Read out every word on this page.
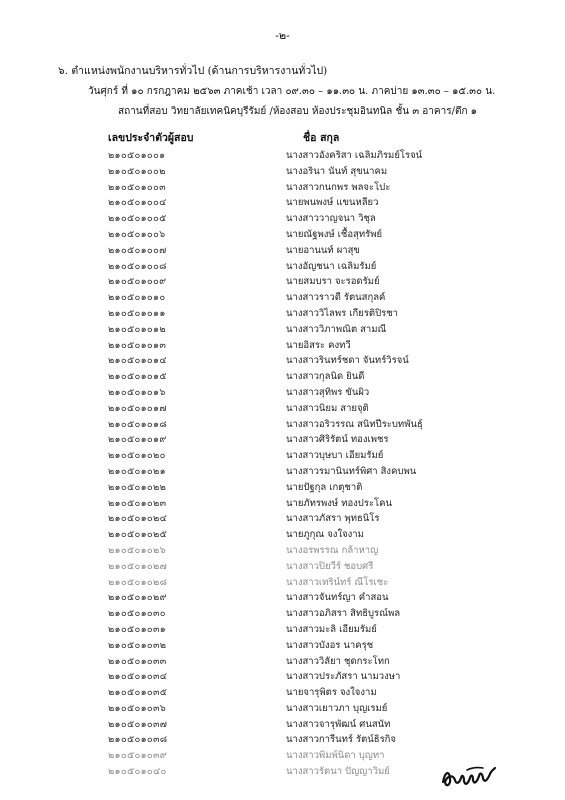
-๒-
๖. ตำแหน่งพนักงานบริหารทั่วไป (ด้านการบริหารงานทั่วไป)
วันศุกร์ ที่ ๑๐ กรกฎาคม ๒๕๖๓ ภาคเช้า เวลา ๐๙.๓๐ – ๑๑.๓๐ น. ภาคบ่าย ๑๓.๓๐ – ๑๕.๓๐ น.
สถานที่สอบ วิทยาลัยเทคนิคบุรีรัมย์ /ห้องสอบ ห้องประชุมอินทนิล ชั้น ๓ อาคาร/ตึก ๑
เลขประจำตัวผู้สอบ	ชื่อ สกุล
๒๑๐๕๐๑๐๐๑	นางสาวอังคริสา เฉลิมภิรมย์โรจน์
๒๑๐๕๐๑๐๐๒	นางอรินา นันท์ สุขนาคม
๒๑๐๕๐๑๐๐๓	นางสาวกนกพร พลจะโปะ
๒๑๐๕๐๑๐๐๔	นายพนพงษ์ แขนหลียว
๒๑๐๕๐๑๐๐๕	นางสาววาญจนา วิชุล
๒๑๐๕๐๑๐๐๖	นายณัฐพงษ์ เชื้อสุทรัพย์
๒๑๐๕๐๑๐๐๗	นายอานนท์ ผาสุข
๒๑๐๕๐๑๐๐๘	นางอัญชนา เฉลิมรัมย์
๒๑๐๕๐๑๐๐๙	นายสมบรา จะรอดรัมย์
๒๑๐๕๐๑๐๑๐	นางสาวราวดี รัตนสกุลค์
๒๑๐๕๐๑๐๑๑	นางสาววิไลพร เกียรติปิรชา
๒๑๐๕๐๑๐๑๒	นางสาววิภาพณิต สามณี
๒๑๐๕๐๑๐๑๓	นายอิสระ คงทวี
๒๑๐๕๐๑๐๑๔	นางสาวรินทร์ชดา จันทร์วิรจน์
๒๑๐๕๐๑๐๑๕	นางสาวกุลนิด ยินดี
๒๑๐๕๐๑๐๑๖	นางสาวสุทิพร ขันผิว
๒๑๐๕๐๑๐๑๗	นางสาวนิยม สายจุติ
๒๑๐๕๐๑๐๑๘	นางสาวอริวรรณ สนิทปีระบทพันธุ์
๒๑๐๕๐๑๐๑๙	นางสาวศิริรัตน์ ทองเพชร
๒๑๐๕๐๑๐๒๐	นางสาวบุษบา เอียมรัมย์
๒๑๐๕๐๑๐๒๑	นางสาวรมานินทร์พิศา สิงคบพน
๒๑๐๕๐๑๐๒๒	นายปัฐกุล เกตุชาติ
๒๑๐๕๐๑๐๒๓	นายภัทรพงษ์ ทองประโคน
๒๑๐๕๐๑๐๒๔	นางสาวภัสรา พุทธนิโร
๒๑๐๕๐๑๐๒๕	นายภูกุณ จงใจงาม
๒๑๐๕๐๑๐๒๖	นางอรพรรณ กล้าหาญ
๒๑๐๕๐๑๐๒๗	นางสาวปิยวีร์ ชอบศรี
๒๑๐๕๐๑๐๒๘	นางสาวเทริน์ทร์ ณีโรเชะ
๒๑๐๕๐๑๐๒๙	นางสาวจันทร์ญา คำสอน
๒๑๐๕๐๑๐๓๐	นางสาวอภิสรา สิทธิบูรณ์พล
๒๑๐๕๐๑๐๓๑	นางสาวมะลิ เอียมรัมย์
๒๑๐๕๐๑๐๓๒	นางสาวบังอร นาครุช
๒๑๐๕๐๑๐๓๓	นางสาววิลัยา ชุดกระโทก
๒๑๐๕๐๑๐๓๔	นางสาวประภัสรา นามวงษา
๒๑๐๕๐๑๐๓๕	นายจารุพิตร จงใจงาม
๒๑๐๕๐๑๐๓๖	นางสาวเยาวภา บุญเรมย์
๒๑๐๕๐๑๐๓๗	นางสาวจารุพัฒน์ ศนสนัท
๒๑๐๕๐๑๐๓๘	นางสาวการีนทร์ รัตน์ธิรกิจ
๒๑๐๕๐๑๐๓๙	นางสาวพิมพ์นิดา บุญทา
๒๑๐๕๐๑๐๔๐	นางสาวรัตนา ปัญญาวิมย์
